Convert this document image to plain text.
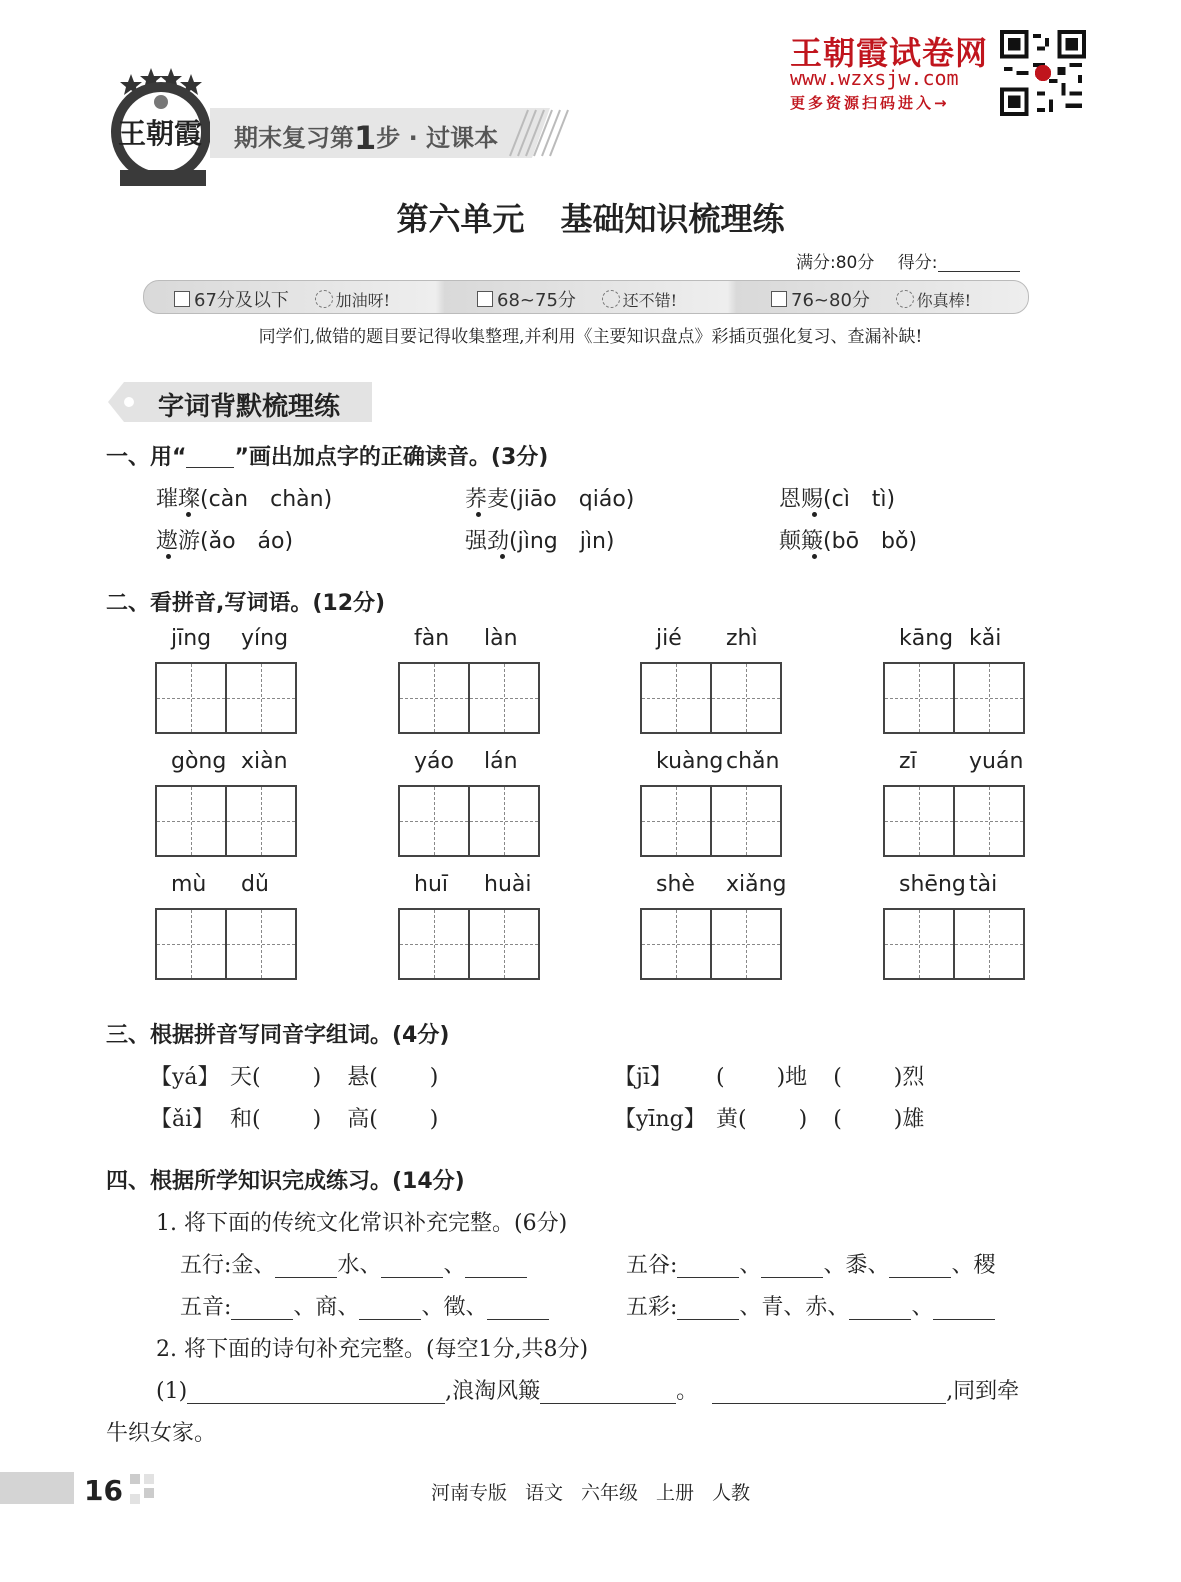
王朝霞 期末复习第1步 · 过课本
王朝霞试卷网
www.wzxsjw.com
更多资源扫码进入→
第六单元 基础知识梳理练
满分:80分 得分:
67分及以下	加油呀!	68~75分	还不错!	76~80分	你真棒!
同学们,做错的题目要记得收集整理,并利用《主要知识盘点》彩插页强化复习、查漏补缺!
字词背默梳理练
一、用“ ”画出加点字的正确读音。(3分)
璀璨(càn　chàn)	荞麦(jiāo　qiáo)	恩赐(cì　tì)
遨游(ǎo　áo)	强劲(jìng　jìn)	颠簸(bō　bǒ)
二、看拼音,写词语。(12分)
jīng yíng	fàn làn	jié zhì	kāng kǎi
gòng xiàn	yáo lán	kuàng chǎn	zī yuán
mù dǔ	huī huài	shè xiǎng	shēng tài
三、根据拼音写同音字组词。(4分)
【yá】 天( ) 悬( )	【jī】 ( )地 ( )烈
【ǎi】 和( ) 高( )	【yīng】 黄( ) ( )雄
四、根据所学知识完成练习。(14分)
1. 将下面的传统文化常识补充完整。(6分)
五行:金、	水、	、	五谷:	、	、黍、	、稷
五音:	、商、	、徵、	五彩:	、青、赤、	、
2. 将下面的诗句补充完整。(每空1分,共8分)
(1)	,浪淘风簸	。	,同到牵
牛织女家。
16	河南专版 语文 六年级 上册 人教
